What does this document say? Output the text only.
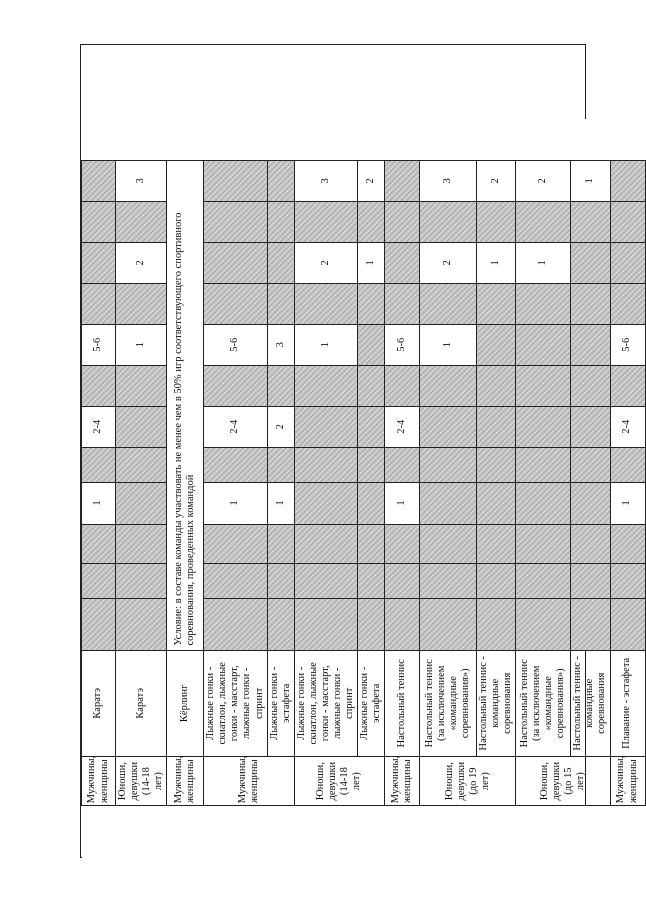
	Мужчины, женщины	Каратэ				1		2-4		5-6					
	Юноши, девушки (14-18 лет)	Каратэ								1		2		3	
	Мужчины, женщины	Кёрлинг	Условие: в составе команды участвовать не менее чем в 50% игр соответствующего спортивного соревнования, проведенных командой												
	Мужчины, женщины	Лыжные гонки - скиатлон, лыжные гонки - масстарт, лыжные гонки - спринт				1		2-4		5-6					
		Лыжные гонки - эстафета				1		2		3					
	Юноши, девушки (14-18 лет)	Лыжные гонки - скиатлон, лыжные гонки - масстарт, лыжные гонки - спринт								1		2		3	
		Лыжные гонки - эстафета										1		2	
	Мужчины, женщины	Настольный теннис				1		2-4		5-6					
	Юноши, девушки (до 19 лет)	Настольный теннис (за исключением «командные соревнования»)								1		2		3	
		Настольный теннис - командные соревнования										1		2	
	Юноши, девушки (до 15 лет)	Настольный теннис (за исключением «командные соревнования»)										1		2	
		Настольный теннис - командные соревнования												1	
	Мужчины, женщины	Плавание - эстафета				1		2-4		5-6					
